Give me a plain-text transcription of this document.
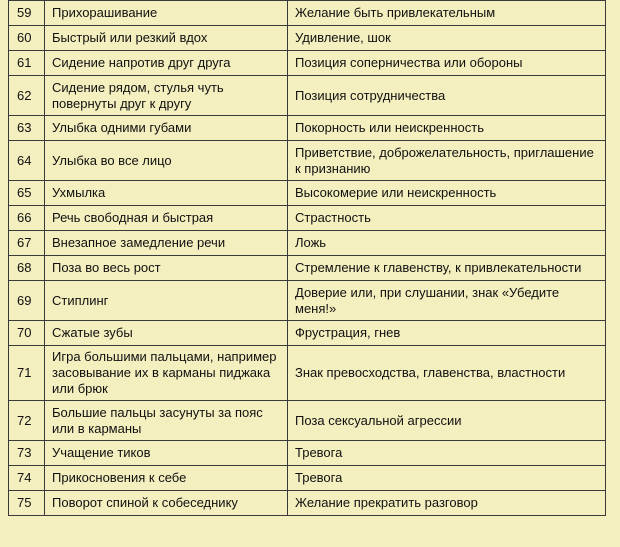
59	Прихорашивание	Желание быть привлекательным
60	Быстрый или резкий вдох	Удивление, шок
61	Сидение напротив друг друга	Позиция соперничества или обороны
62	Сидение рядом, стулья чуть повернуты друг к другу	Позиция сотрудничества
63	Улыбка одними губами	Покорность или неискренность
64	Улыбка во все лицо	Приветствие, доброжелательность, приглашение к признанию
65	Ухмылка	Высокомерие или неискренность
66	Речь свободная и быстрая	Страстность
67	Внезапное замедление речи	Ложь
68	Поза во весь рост	Стремление к главенству, к привлекательности
69	Стиплинг	Доверие или, при слушании, знак «Убедите меня!»
70	Сжатые зубы	Фрустрация, гнев
71	Игра большими пальцами, например засовывание их в карманы пиджака или брюк	Знак превосходства, главенства, властности
72	Большие пальцы засунуты за пояс или в карманы	Поза сексуальной агрессии
73	Учащение тиков	Тревога
74	Прикосновения к себе	Тревога
75	Поворот спиной к собеседнику	Желание прекратить разговор
